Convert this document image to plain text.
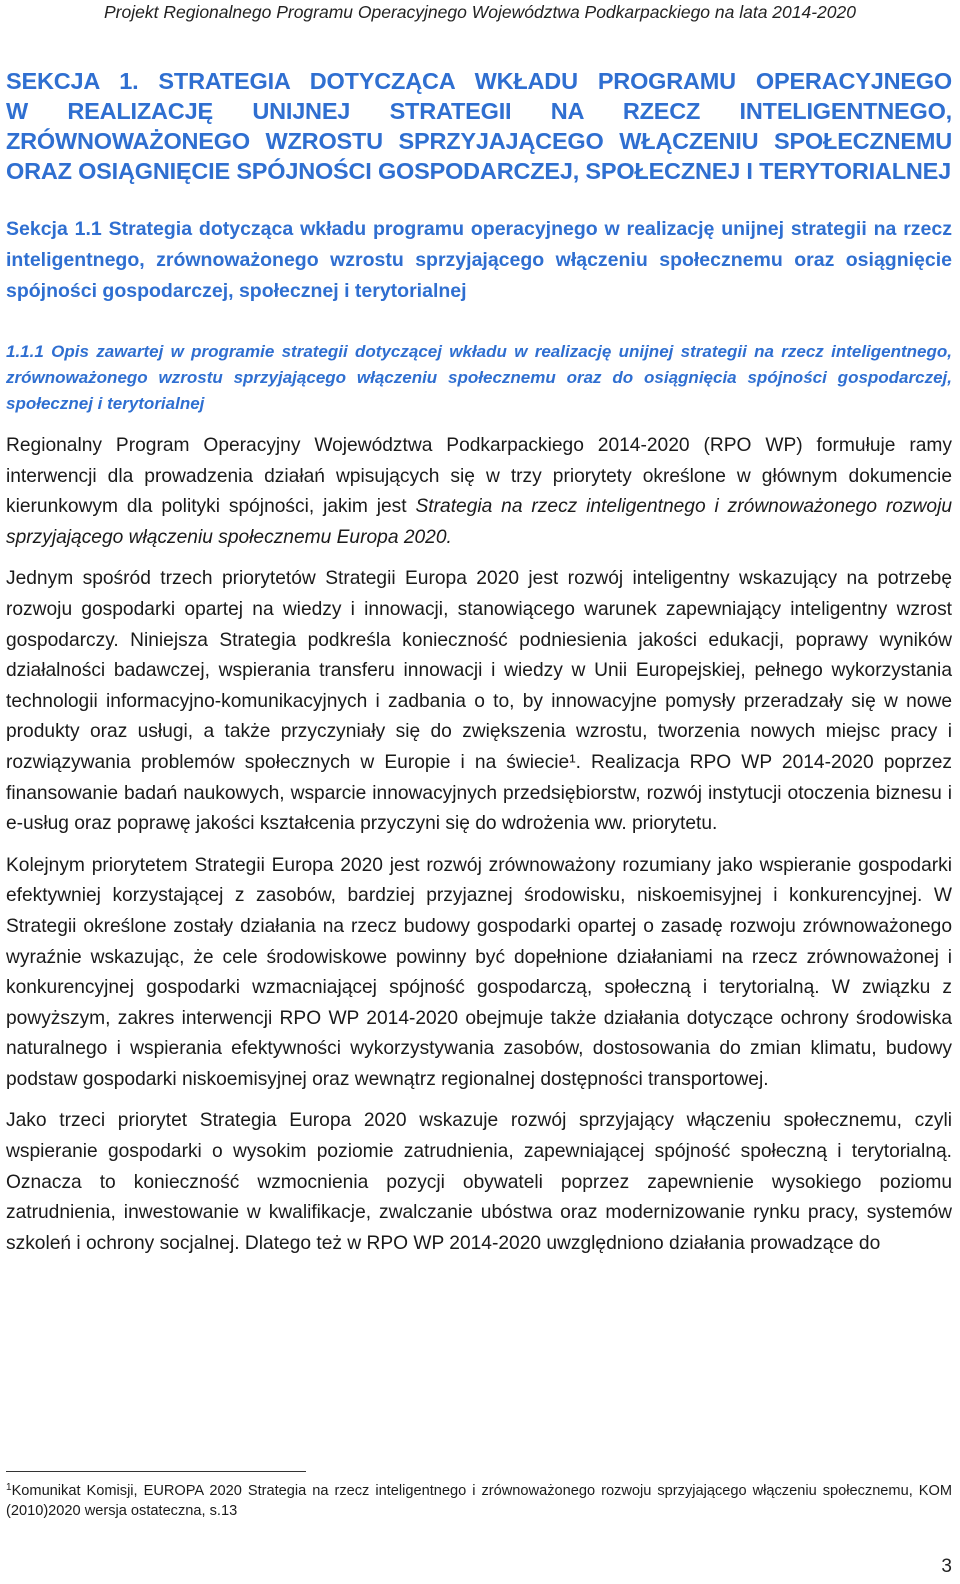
Projekt Regionalnego Programu Operacyjnego Województwa Podkarpackiego na lata 2014-2020
SEKCJA 1. STRATEGIA DOTYCZĄCA WKŁADU PROGRAMU OPERACYJNEGO
W REALIZACJĘ UNIJNEJ STRATEGII NA RZECZ INTELIGENTNEGO,
ZRÓWNOWAŻONEGO WZROSTU SPRZYJAJĄCEGO WŁĄCZENIU SPOŁECZNEMU
ORAZ OSIĄGNIĘCIE SPÓJNOŚCI GOSPODARCZEJ, SPOŁECZNEJ I TERYTORIALNEJ
Sekcja 1.1 Strategia dotycząca wkładu programu operacyjnego w realizację unijnej strategii na rzecz inteligentnego, zrównoważonego wzrostu sprzyjającego włączeniu społecznemu oraz osiągnięcie spójności gospodarczej, społecznej i terytorialnej
1.1.1 Opis zawartej w programie strategii dotyczącej wkładu w realizację unijnej strategii na rzecz inteligentnego, zrównoważonego wzrostu sprzyjającego włączeniu społecznemu oraz do osiągnięcia spójności gospodarczej, społecznej i terytorialnej

Regionalny Program Operacyjny Województwa Podkarpackiego 2014-2020 (RPO WP) formułuje ramy interwencji dla prowadzenia działań wpisujących się w trzy priorytety określone w głównym dokumencie kierunkowym dla polityki spójności, jakim jest Strategia na rzecz inteligentnego i zrównoważonego rozwoju sprzyjającego włączeniu społecznemu Europa 2020.

Jednym spośród trzech priorytetów Strategii Europa 2020 jest rozwój inteligentny wskazujący na potrzebę rozwoju gospodarki opartej na wiedzy i innowacji, stanowiącego warunek zapewniający inteligentny wzrost gospodarczy. Niniejsza Strategia podkreśla konieczność podniesienia jakości edukacji, poprawy wyników działalności badawczej, wspierania transferu innowacji i wiedzy w Unii Europejskiej, pełnego wykorzystania technologii informacyjno-komunikacyjnych i zadbania o to, by innowacyjne pomysły przeradzały się w nowe produkty oraz usługi, a także przyczyniały się do zwiększenia wzrostu, tworzenia nowych miejsc pracy i rozwiązywania problemów społecznych w Europie i na świecie¹. Realizacja RPO WP 2014-2020 poprzez finansowanie badań naukowych, wsparcie innowacyjnych przedsiębiorstw, rozwój instytucji otoczenia biznesu i e-usług oraz poprawę jakości kształcenia przyczyni się do wdrożenia ww. priorytetu.

Kolejnym priorytetem Strategii Europa 2020 jest rozwój zrównoważony rozumiany jako wspieranie gospodarki efektywniej korzystającej z zasobów, bardziej przyjaznej środowisku, niskoemisyjnej i konkurencyjnej. W Strategii określone zostały działania na rzecz budowy gospodarki opartej o zasadę rozwoju zrównoważonego wyraźnie wskazując, że cele środowiskowe powinny być dopełnione działaniami na rzecz zrównoważonej i konkurencyjnej gospodarki wzmacniającej spójność gospodarczą, społeczną i terytorialną. W związku z powyższym, zakres interwencji RPO WP 2014-2020 obejmuje także działania dotyczące ochrony środowiska naturalnego i wspierania efektywności wykorzystywania zasobów, dostosowania do zmian klimatu, budowy podstaw gospodarki niskoemisyjnej oraz wewnątrz regionalnej dostępności transportowej.

Jako trzeci priorytet Strategia Europa 2020 wskazuje rozwój sprzyjający włączeniu społecznemu, czyli wspieranie gospodarki o wysokim poziomie zatrudnienia, zapewniającej spójność społeczną i terytorialną. Oznacza to konieczność wzmocnienia pozycji obywateli poprzez zapewnienie wysokiego poziomu zatrudnienia, inwestowanie w kwalifikacje, zwalczanie ubóstwa oraz modernizowanie rynku pracy, systemów szkoleń i ochrony socjalnej. Dlatego też w RPO WP 2014-2020 uwzględniono działania prowadzące do

$^1$Komunikat Komisji, EUROPA 2020 Strategia na rzecz inteligentnego i zrównoważonego rozwoju sprzyjającego włączeniu społecznemu, KOM (2010)2020 wersja ostateczna, s.13
3
